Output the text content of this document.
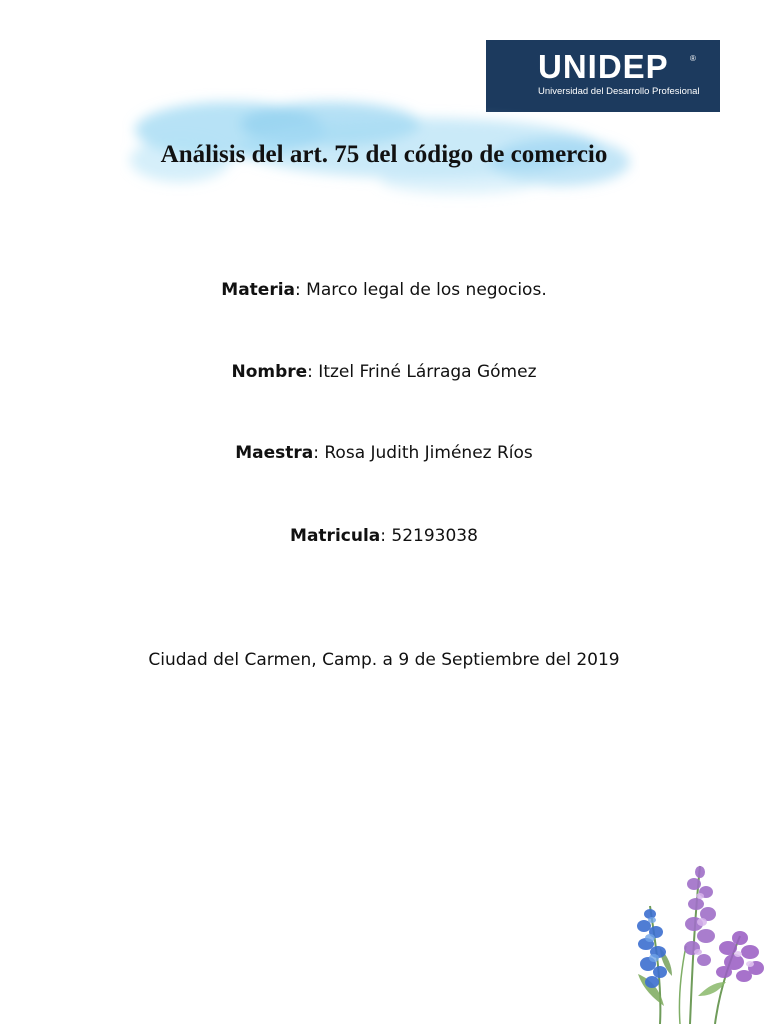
UNIDEP	®
Universidad del Desarrollo Profesional
Análisis del art. 75 del código de comercio
Materia: Marco legal de los negocios.
Nombre: Itzel Friné Lárraga Gómez
Maestra: Rosa Judith Jiménez Ríos
Matricula: 52193038
Ciudad del Carmen, Camp. a 9 de Septiembre del 2019
